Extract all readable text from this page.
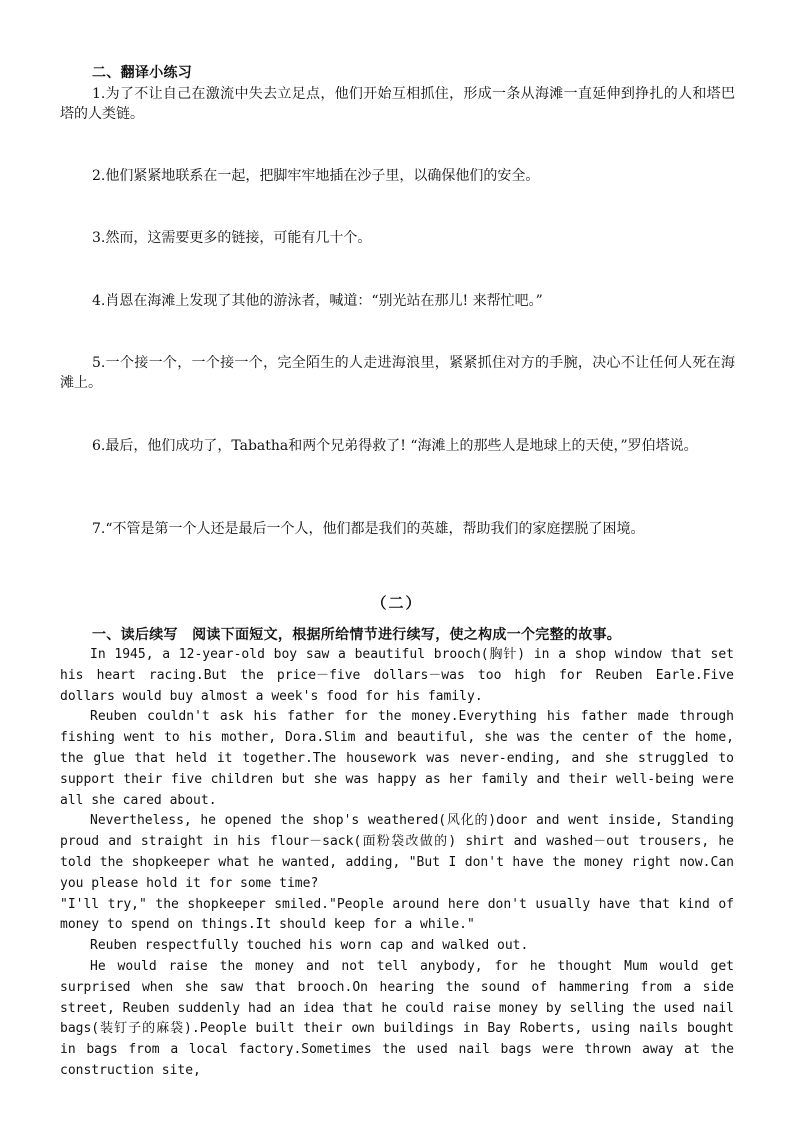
二、翻译小练习
1.为了不让自己在激流中失去立足点，他们开始互相抓住，形成一条从海滩一直延伸到挣扎的人和塔巴塔的人类链。
2.他们紧紧地联系在一起，把脚牢牢地插在沙子里，以确保他们的安全。
3.然而，这需要更多的链接，可能有几十个。
4.肖恩在海滩上发现了其他的游泳者，喊道：“别光站在那儿! 来帮忙吧。”
5.一个接一个，一个接一个，完全陌生的人走进海浪里，紧紧抓住对方的手腕，决心不让任何人死在海滩上。
6.最后，他们成功了，Tabatha和两个兄弟得救了! “海滩上的那些人是地球上的天使，”罗伯塔说。
7.“不管是第一个人还是最后一个人，他们都是我们的英雄，帮助我们的家庭摆脱了困境。
（二）
一、读后续写　阅读下面短文，根据所给情节进行续写，使之构成一个完整的故事。

In 1945, a 12-year-old boy saw a beautiful brooch(胸针) in a shop window that set his heart racing.But the price－five dollars－was too high for Reuben Earle.Five dollars would buy almost a week's food for his family.

Reuben couldn't ask his father for the money.Everything his father made through fishing went to his mother, Dora.Slim and beautiful, she was the center of the home, the glue that held it together.The housework was never-ending, and she struggled to support their five children but she was happy as her family and their well-being were all she cared about.

Nevertheless, he opened the shop's weathered(风化的)door and went inside, Standing proud and straight in his flour－sack(面粉袋改做的) shirt and washed－out trousers, he told the shopkeeper what he wanted, adding, "But I don't have the money right now.Can you please hold it for some time?

"I'll try," the shopkeeper smiled."People around here don't usually have that kind of money to spend on things.It should keep for a while."

Reuben respectfully touched his worn cap and walked out.

He would raise the money and not tell anybody, for he thought Mum would get surprised when she saw that brooch.On hearing the sound of hammering from a side street, Reuben suddenly had an idea that he could raise money by selling the used nail bags(装钉子的麻袋).People built their own buildings in Bay Roberts, using nails bought in bags from a local factory.Sometimes the used nail bags were thrown away at the construction site,
